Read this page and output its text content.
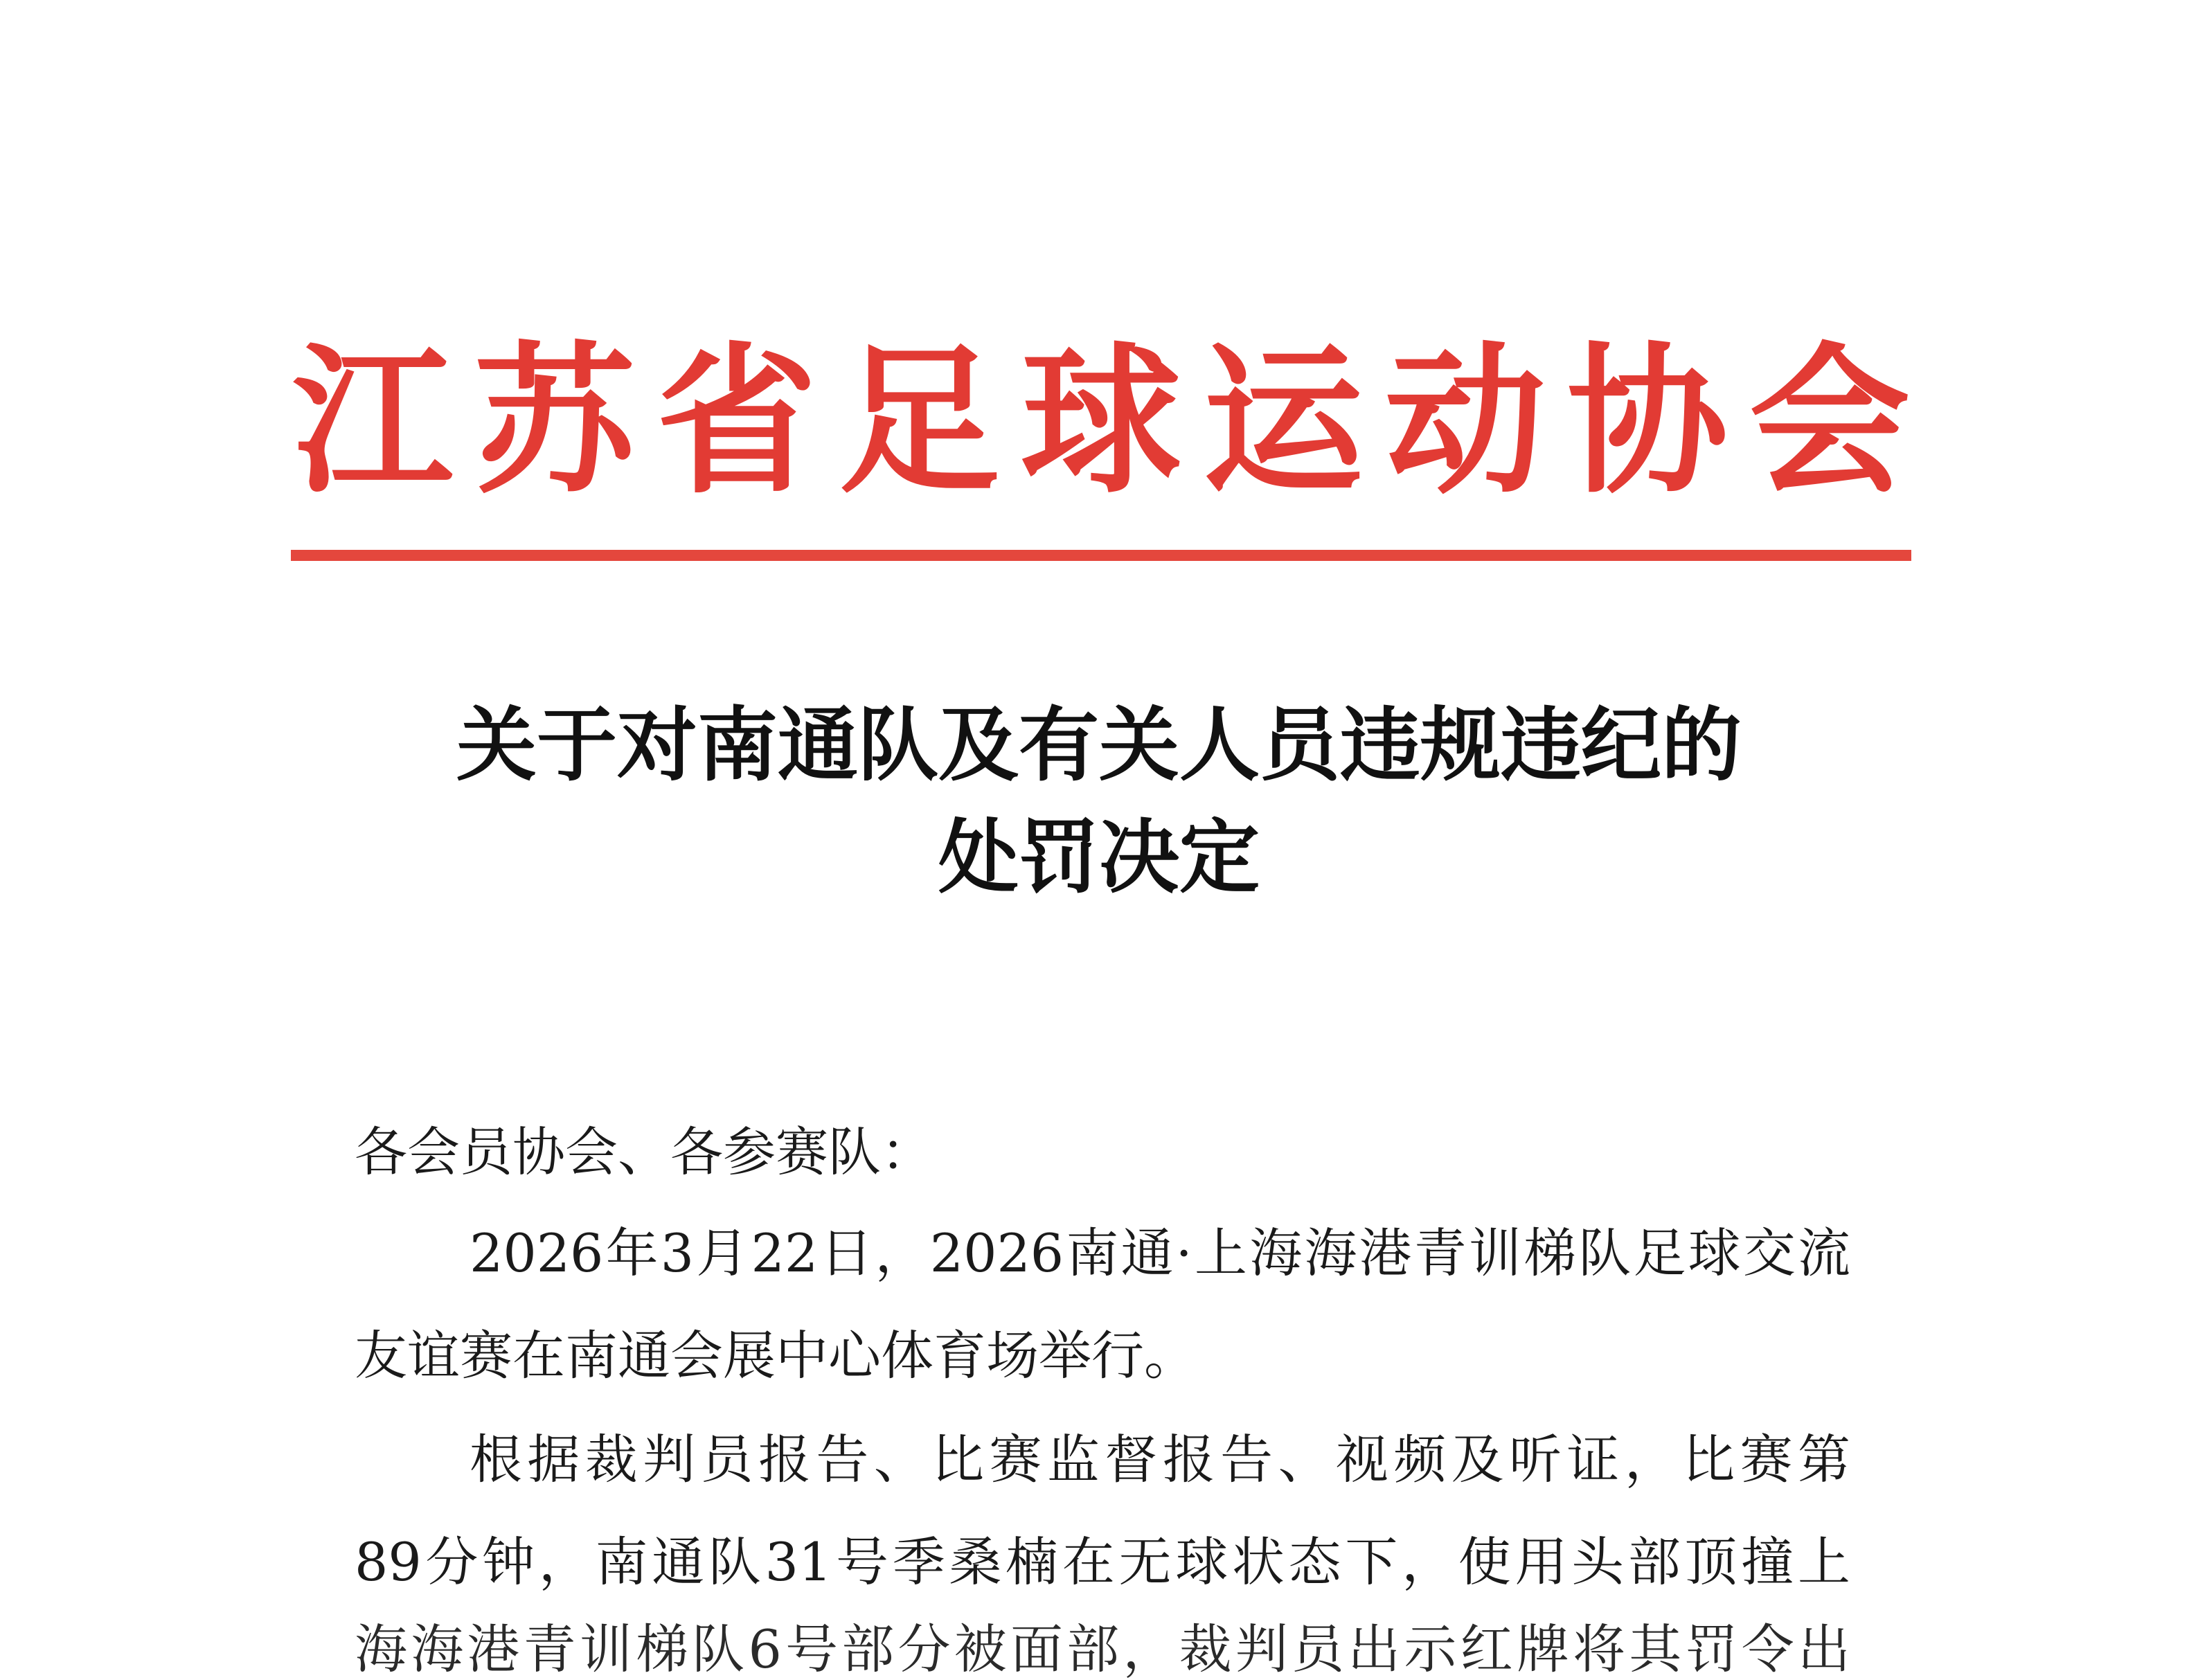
江 苏 省 足 球 运 动 协 会
关于对南通队及有关人员违规违纪的
处罚决定
各会员协会、各参赛队：
2026年3月22日，2026南通·上海海港青训梯队足球交流
友谊赛在南通会展中心体育场举行。
根据裁判员报告、比赛监督报告、视频及听证，比赛第
89分钟，南通队31号季桑楠在无球状态下，使用头部顶撞上
海海港青训梯队6号部分被面部，裁判员出示红牌将其罚令出
